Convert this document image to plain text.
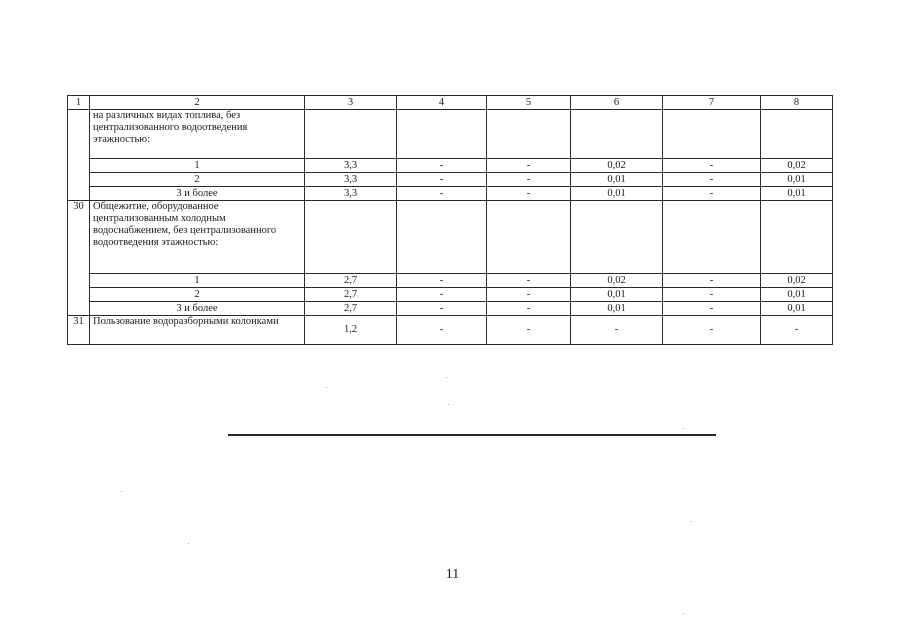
1	2	3	4	5	6	7	8
	на различных видах топлива, без централизованного водоотведения этажностью:						
	1	3,3	-	-	0,02	-	0,02
	2	3,3	-	-	0,01	-	0,01
	3 и более	3,3	-	-	0,01	-	0,01
30	Общежитие, оборудованное централизованным холодным водоснабжением, без централизованного водоотведения этажностью:						
	1	2,7	-	-	0,02	-	0,02
	2	2,7	-	-	0,01	-	0,01
	3 и более	2,7	-	-	0,01	-	0,01
31	Пользование водоразборными колонками	1,2	-	-	-	-	-
11
